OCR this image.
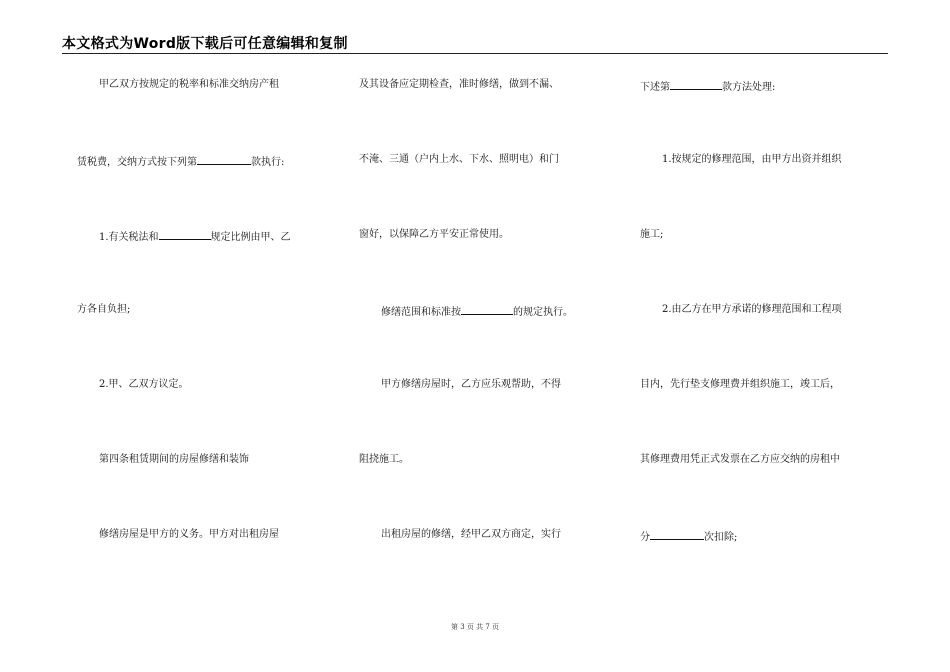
本文格式为Word版下载后可任意编辑和复制
甲乙双方按规定的税率和标准交纳房产租
赁税费，交纳方式按下列第	款执行:
1.有关税法和	规定比例由甲、乙
方各自负担;
2.甲、乙双方议定。
第四条租赁期间的房屋修缮和装饰
修缮房屋是甲方的义务。甲方对出租房屋
及其设备应定期检查，准时修缮，做到不漏、
不淹、三通（户内上水、下水、照明电）和门
窗好，以保障乙方平安正常使用。
修缮范围和标准按	的规定执行。
甲方修缮房屋时，乙方应乐观帮助，不得
阻挠施工。
出租房屋的修缮，经甲乙双方商定，实行
下述第	款方法处理:
1.按规定的修理范围，由甲方出资并组织
施工;
2.由乙方在甲方承诺的修理范围和工程项
目内，先行垫支修理费并组织施工，竣工后，
其修理费用凭正式发票在乙方应交纳的房租中
分	次扣除;
第 3 页 共 7 页
